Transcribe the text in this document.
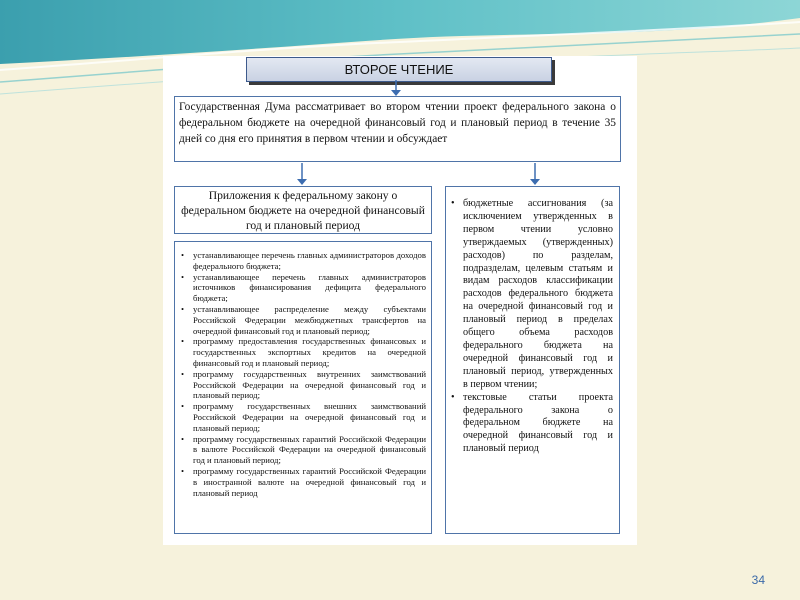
ВТОРОЕ ЧТЕНИЕ
Государственная Дума рассматривает во втором чтении проект федерального закона о федеральном бюджете на очередной финансовый год и плановый период в течение 35 дней со дня его принятия в первом чтении и обсуждает
Приложения к федеральному закону о федеральном бюджете на очередной финансовый год и плановый период
• устанавливающее перечень главных администраторов доходов федерального бюджета;
• устанавливающее перечень главных администраторов источников финансирования дефицита федерального бюджета;
• устанавливающее распределение между субъектами Российской Федерации межбюджетных трансфертов на очередной финансовый год и плановый период;
• программу предоставления государственных финансовых и государственных экспортных кредитов на очередной финансовый год и плановый период;
• программу государственных внутренних заимствований Российской Федерации на очередной финансовый год и плановый период;
• программу государственных внешних заимствований Российской Федерации на очередной финансовый год и плановый период;
• программу государственных гарантий Российской Федерации в валюте Российской Федерации на очередной финансовый год и плановый период;
• программу государственных гарантий Российской Федерации в иностранной валюте на очередной финансовый год и плановый период
• бюджетные ассигнования (за исключением утвержденных в первом чтении условно утверждаемых (утвержденных) расходов) по разделам, подразделам, целевым статьям и видам расходов классификации расходов федерального бюджета на очередной финансовый год и плановый период в пределах общего объема расходов федерального бюджета на очередной финансовый год и плановый период, утвержденных в первом чтении;
• текстовые статьи проекта федерального закона о федеральном бюджете на очередной финансовый год и плановый период
34
